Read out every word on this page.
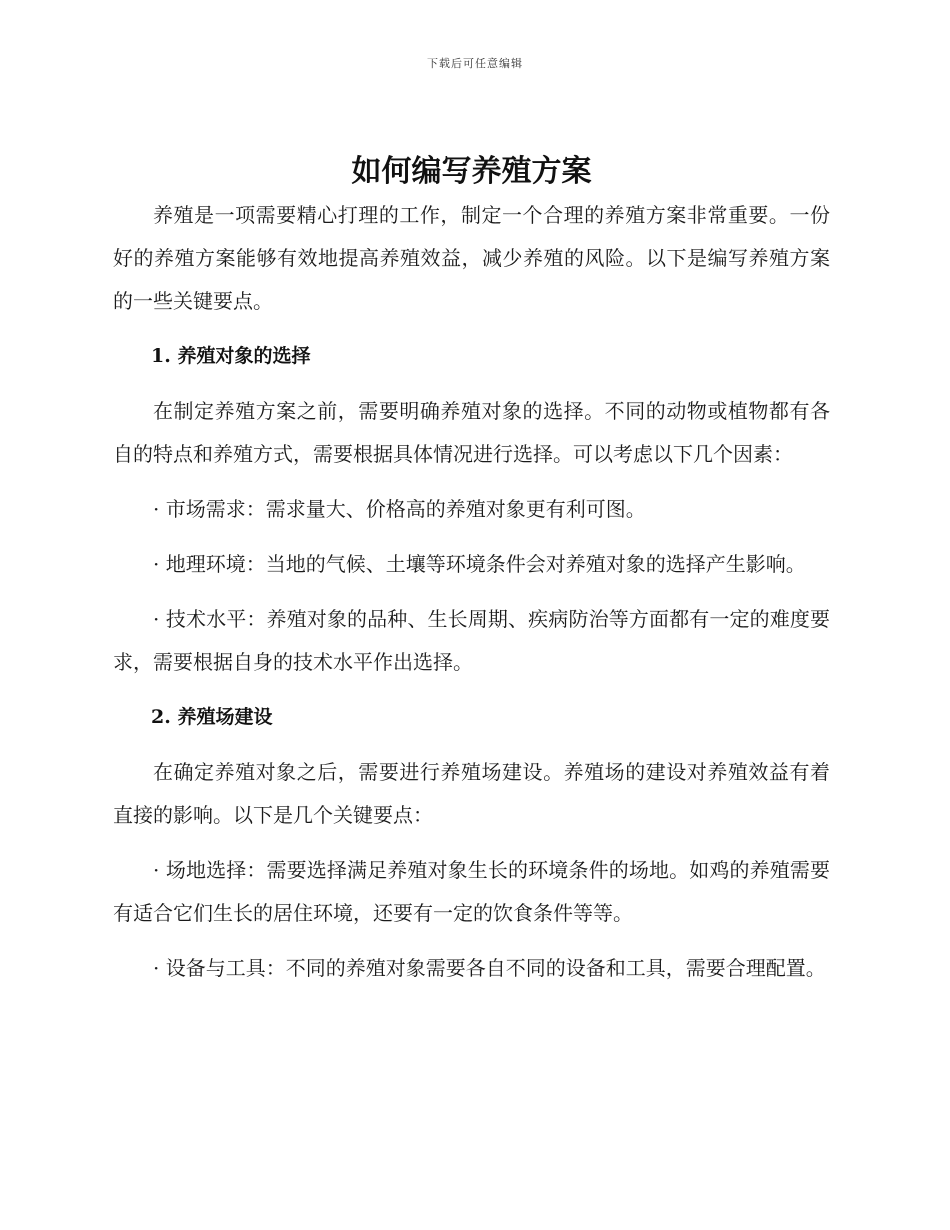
下载后可任意编辑
如何编写养殖方案

养殖是一项需要精心打理的工作，制定一个合理的养殖方案非常重要。一份好的养殖方案能够有效地提高养殖效益，减少养殖的风险。以下是编写养殖方案的一些关键要点。

1. 养殖对象的选择

在制定养殖方案之前，需要明确养殖对象的选择。不同的动物或植物都有各自的特点和养殖方式，需要根据具体情况进行选择。可以考虑以下几个因素：

· 市场需求：需求量大、价格高的养殖对象更有利可图。

· 地理环境：当地的气候、土壤等环境条件会对养殖对象的选择产生影响。

· 技术水平：养殖对象的品种、生长周期、疾病防治等方面都有一定的难度要求，需要根据自身的技术水平作出选择。

2. 养殖场建设

在确定养殖对象之后，需要进行养殖场建设。养殖场的建设对养殖效益有着直接的影响。以下是几个关键要点：

· 场地选择：需要选择满足养殖对象生长的环境条件的场地。如鸡的养殖需要有适合它们生长的居住环境，还要有一定的饮食条件等等。

· 设备与工具：不同的养殖对象需要各自不同的设备和工具，需要合理配置。
